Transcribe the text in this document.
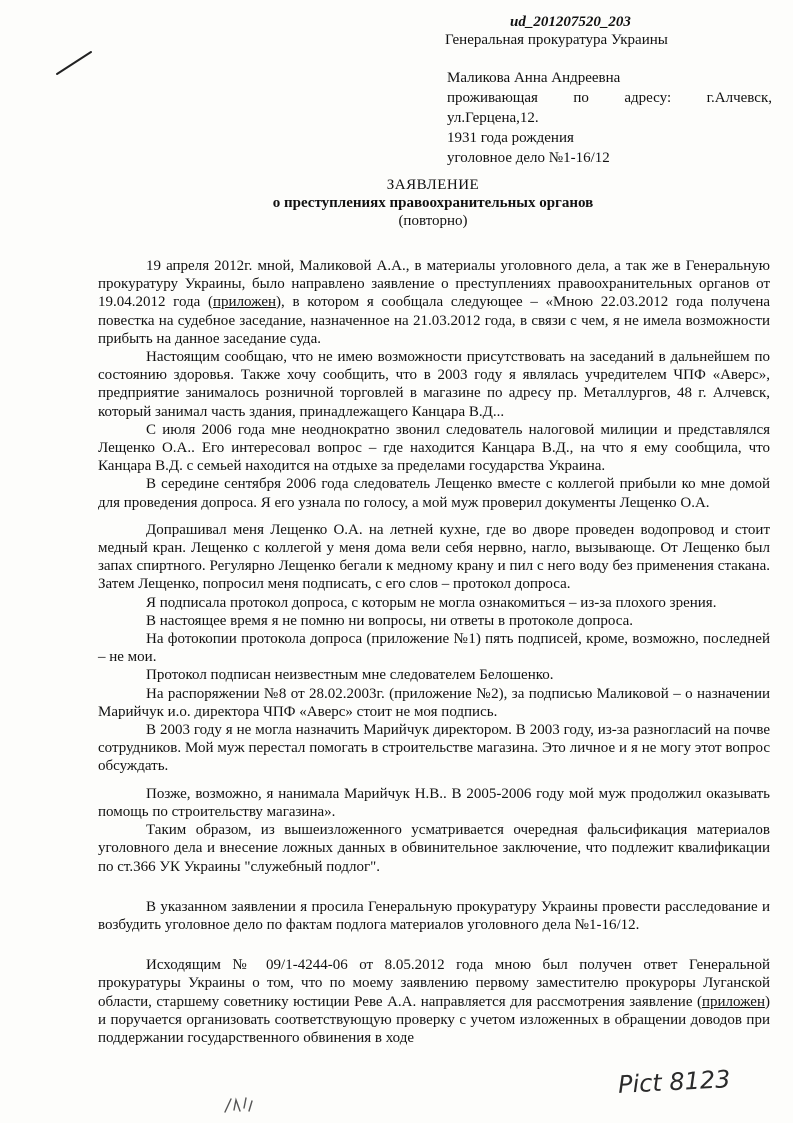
ud_201207520_203
Генеральная прокуратура Украины
Маликова Анна Андреевна
проживающая по адресу: г.Алчевск,
ул.Герцена,12.
1931 года рождения
уголовное дело №1-16/12
ЗАЯВЛЕНИЕ
о преступлениях правоохранительных органов
(повторно)

19 апреля 2012г. мной, Маликовой А.А., в материалы уголовного дела, а так же в Генеральную прокуратуру Украины, было направлено заявление о преступлениях правоохранительных органов от 19.04.2012 года (приложен), в котором я сообщала следующее – «Мною 22.03.2012 года получена повестка на судебное заседание, назначенное на 21.03.2012 года, в связи с чем, я не имела возможности прибыть на данное заседание суда.

Настоящим сообщаю, что не имею возможности присутствовать на заседаний в дальнейшем по состоянию здоровья. Также хочу сообщить, что в 2003 году я являлась учредителем ЧПФ «Аверс», предприятие занималось розничной торговлей в магазине по адресу пр. Металлургов, 48 г. Алчевск, который занимал часть здания, принадлежащего Канцара В.Д...

С июля 2006 года мне неоднократно звонил следователь налоговой милиции и представлялся Лещенко О.А.. Его интересовал вопрос – где находится Канцара В.Д., на что я ему сообщила, что Канцара В.Д. с семьей находится на отдыхе за пределами государства Украина.

В середине сентября 2006 года следователь Лещенко вместе с коллегой прибыли ко мне домой для проведения допроса. Я его узнала по голосу, а мой муж проверил документы Лещенко О.А.

Допрашивал меня Лещенко О.А. на летней кухне, где во дворе проведен водопровод и стоит медный кран. Лещенко с коллегой у меня дома вели себя нервно, нагло, вызывающе. От Лещенко был запах спиртного. Регулярно Лещенко бегали к медному крану и пил с него воду без применения стакана. Затем Лещенко, попросил меня подписать, с его слов – протокол допроса.

Я подписала протокол допроса, с которым не могла ознакомиться – из-за плохого зрения.

В настоящее время я не помню ни вопросы, ни ответы в протоколе допроса.

На фотокопии протокола допроса (приложение №1) пять подписей, кроме, возможно, последней – не мои.

Протокол подписан неизвестным мне следователем Белошенко.

На распоряжении №8 от 28.02.2003г. (приложение №2), за подписью Маликовой – о назначении Марийчук и.о. директора ЧПФ «Аверс» стоит не моя подпись.

В 2003 году я не могла назначить Марийчук директором. В 2003 году, из-за разногласий на почве сотрудников. Мой муж перестал помогать в строительстве магазина. Это личное и я не могу этот вопрос обсуждать.

Позже, возможно, я нанимала Марийчук Н.В.. В 2005-2006 году мой муж продолжил оказывать помощь по строительству магазина».

Таким образом, из вышеизложенного усматривается очередная фальсификация материалов уголовного дела и внесение ложных данных в обвинительное заключение, что подлежит квалификации по ст.366 УК Украины "служебный подлог".

В указанном заявлении я просила Генеральную прокуратуру Украины провести расследование и возбудить уголовное дело по фактам подлога материалов уголовного дела №1-16/12.

Исходящим № 09/1-4244-06 от 8.05.2012 года мною был получен ответ Генеральной прокуратуры Украины о том, что по моему заявлению первому заместителю прокуроры Луганской области, старшему советнику юстиции Реве А.А. направляется для рассмотрения заявление (приложен) и поручается организовать соответствующую проверку с учетом изложенных в обращении доводов при поддержании государственного обвинения в ходе

Pict 8123
